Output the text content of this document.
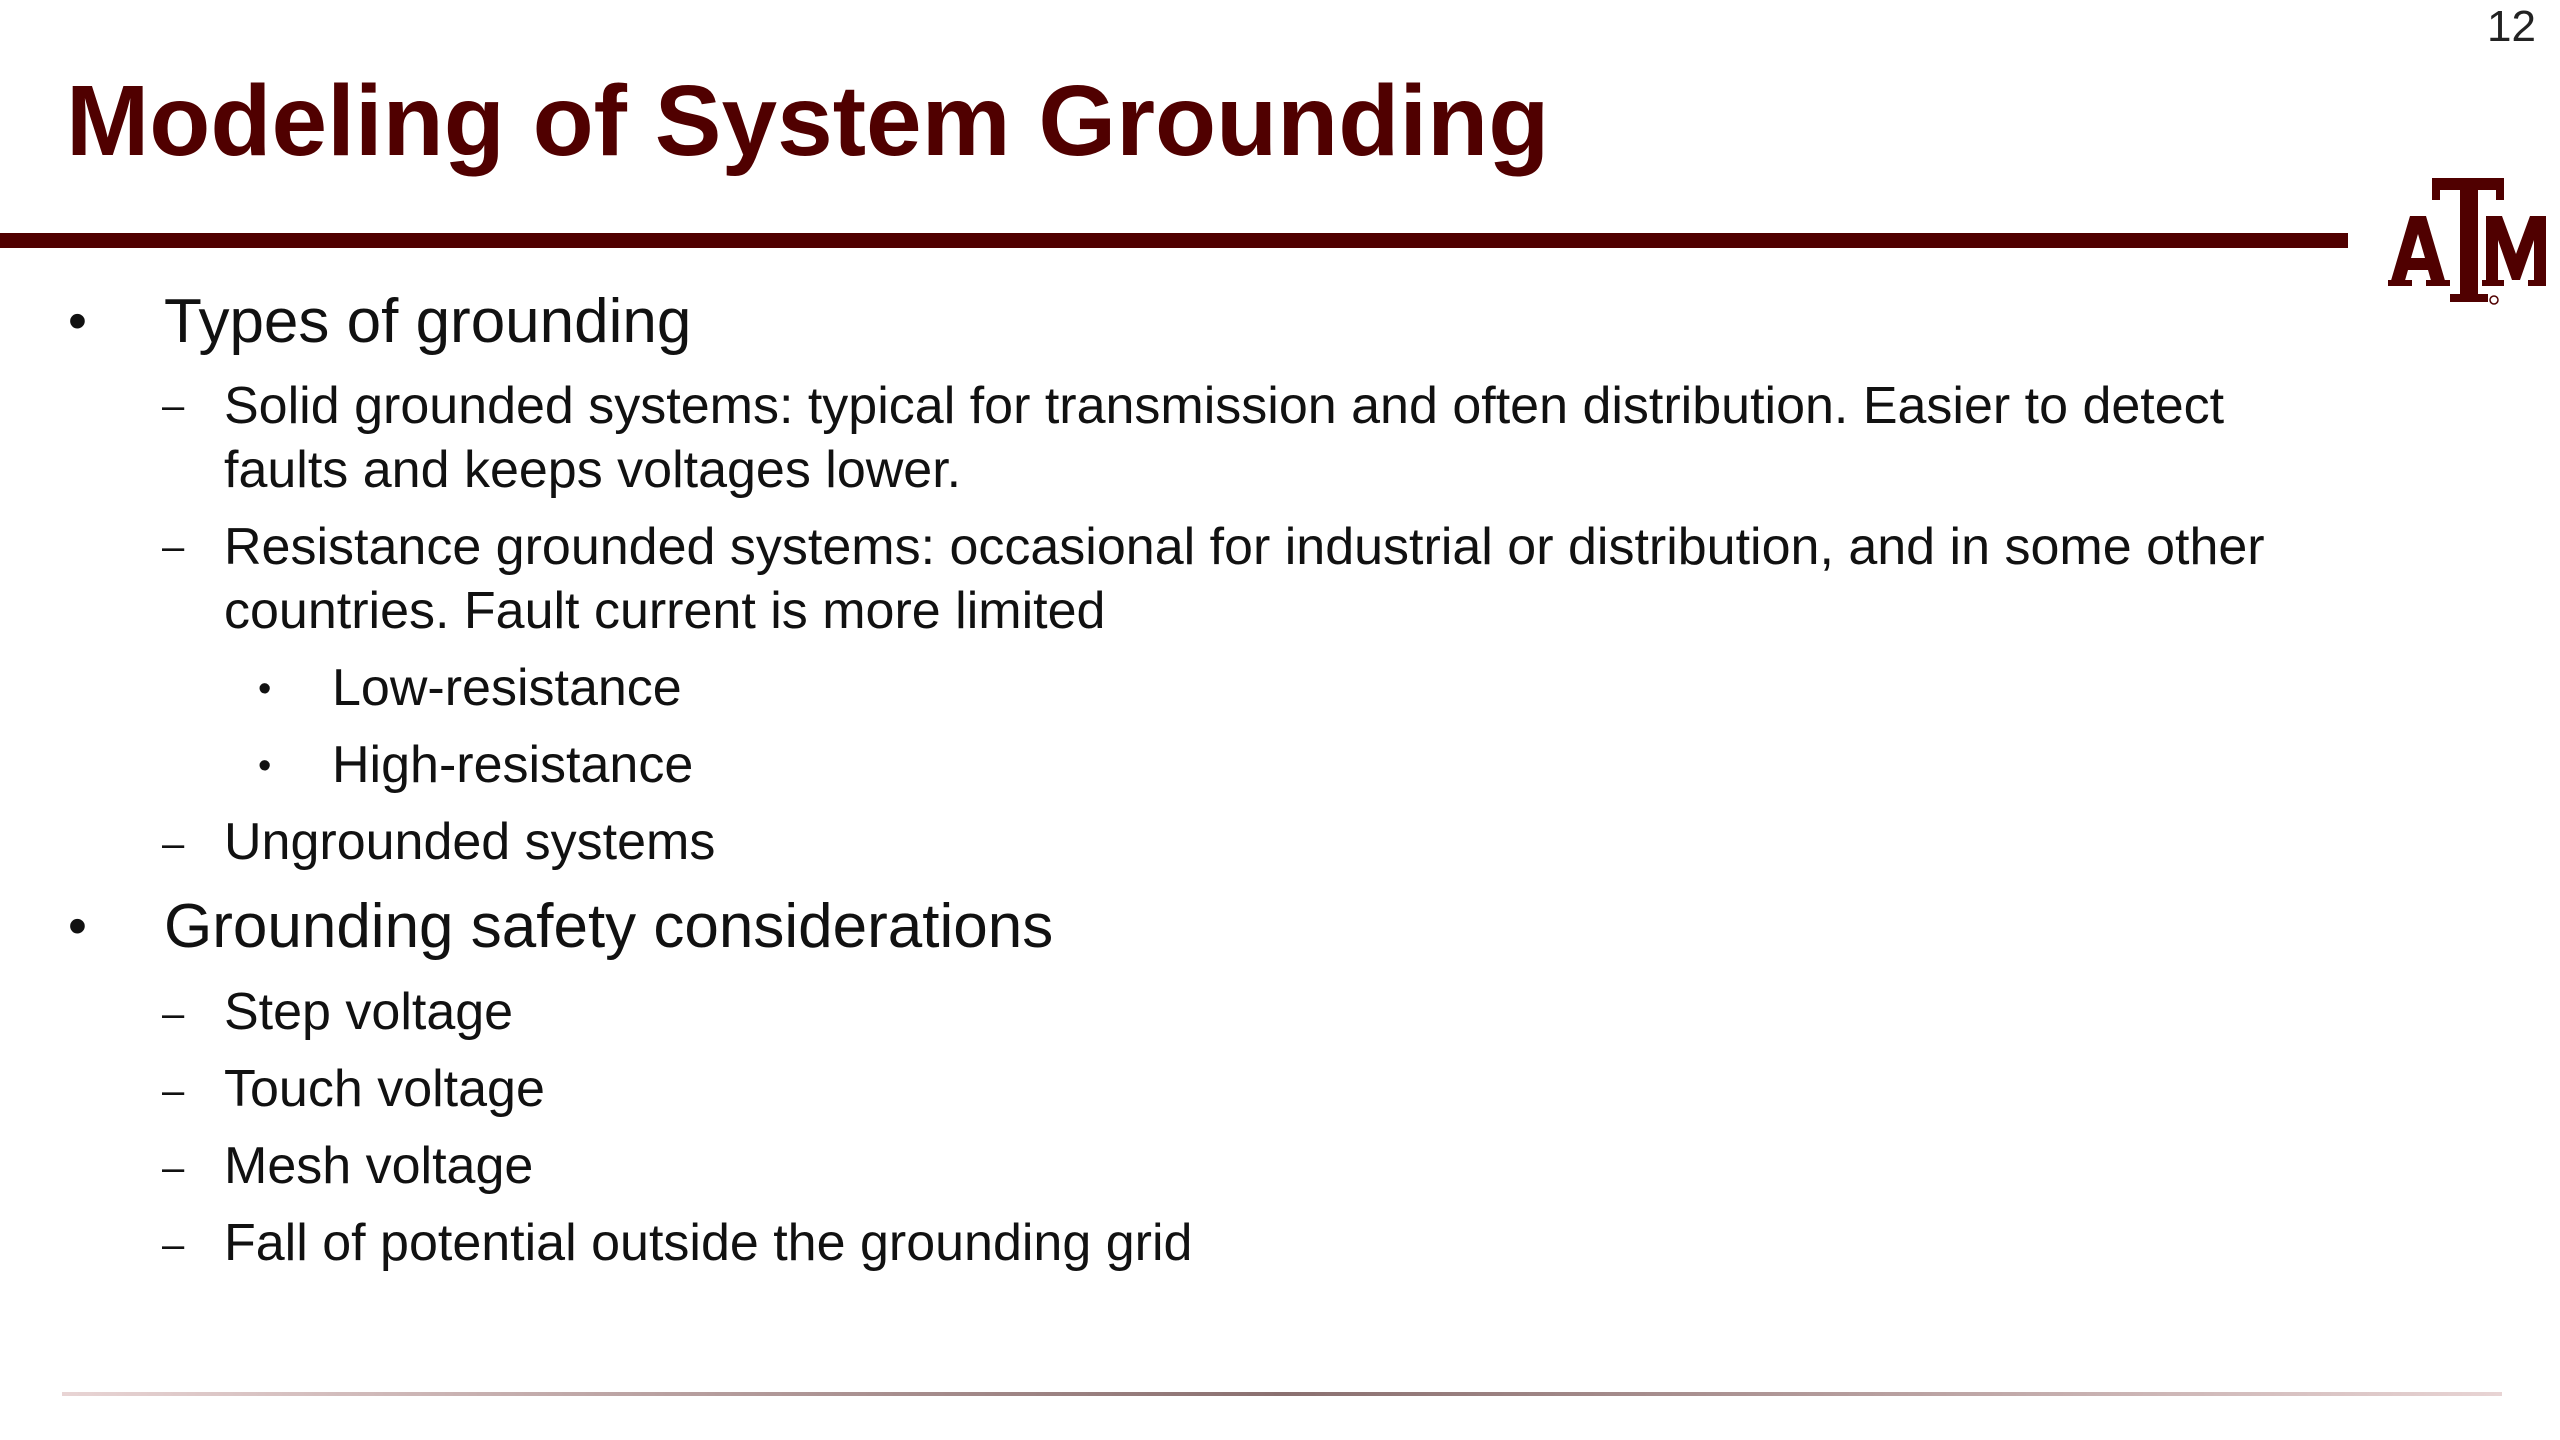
12
Modeling of System Grounding
• Types of grounding
– Solid grounded systems: typical for transmission and often distribution. Easier to detect
faults and keeps voltages lower.
– Resistance grounded systems: occasional for industrial or distribution, and in some other
countries. Fault current is more limited
• Low-resistance
• High-resistance
– Ungrounded systems
• Grounding safety considerations
– Step voltage
– Touch voltage
– Mesh voltage
– Fall of potential outside the grounding grid
